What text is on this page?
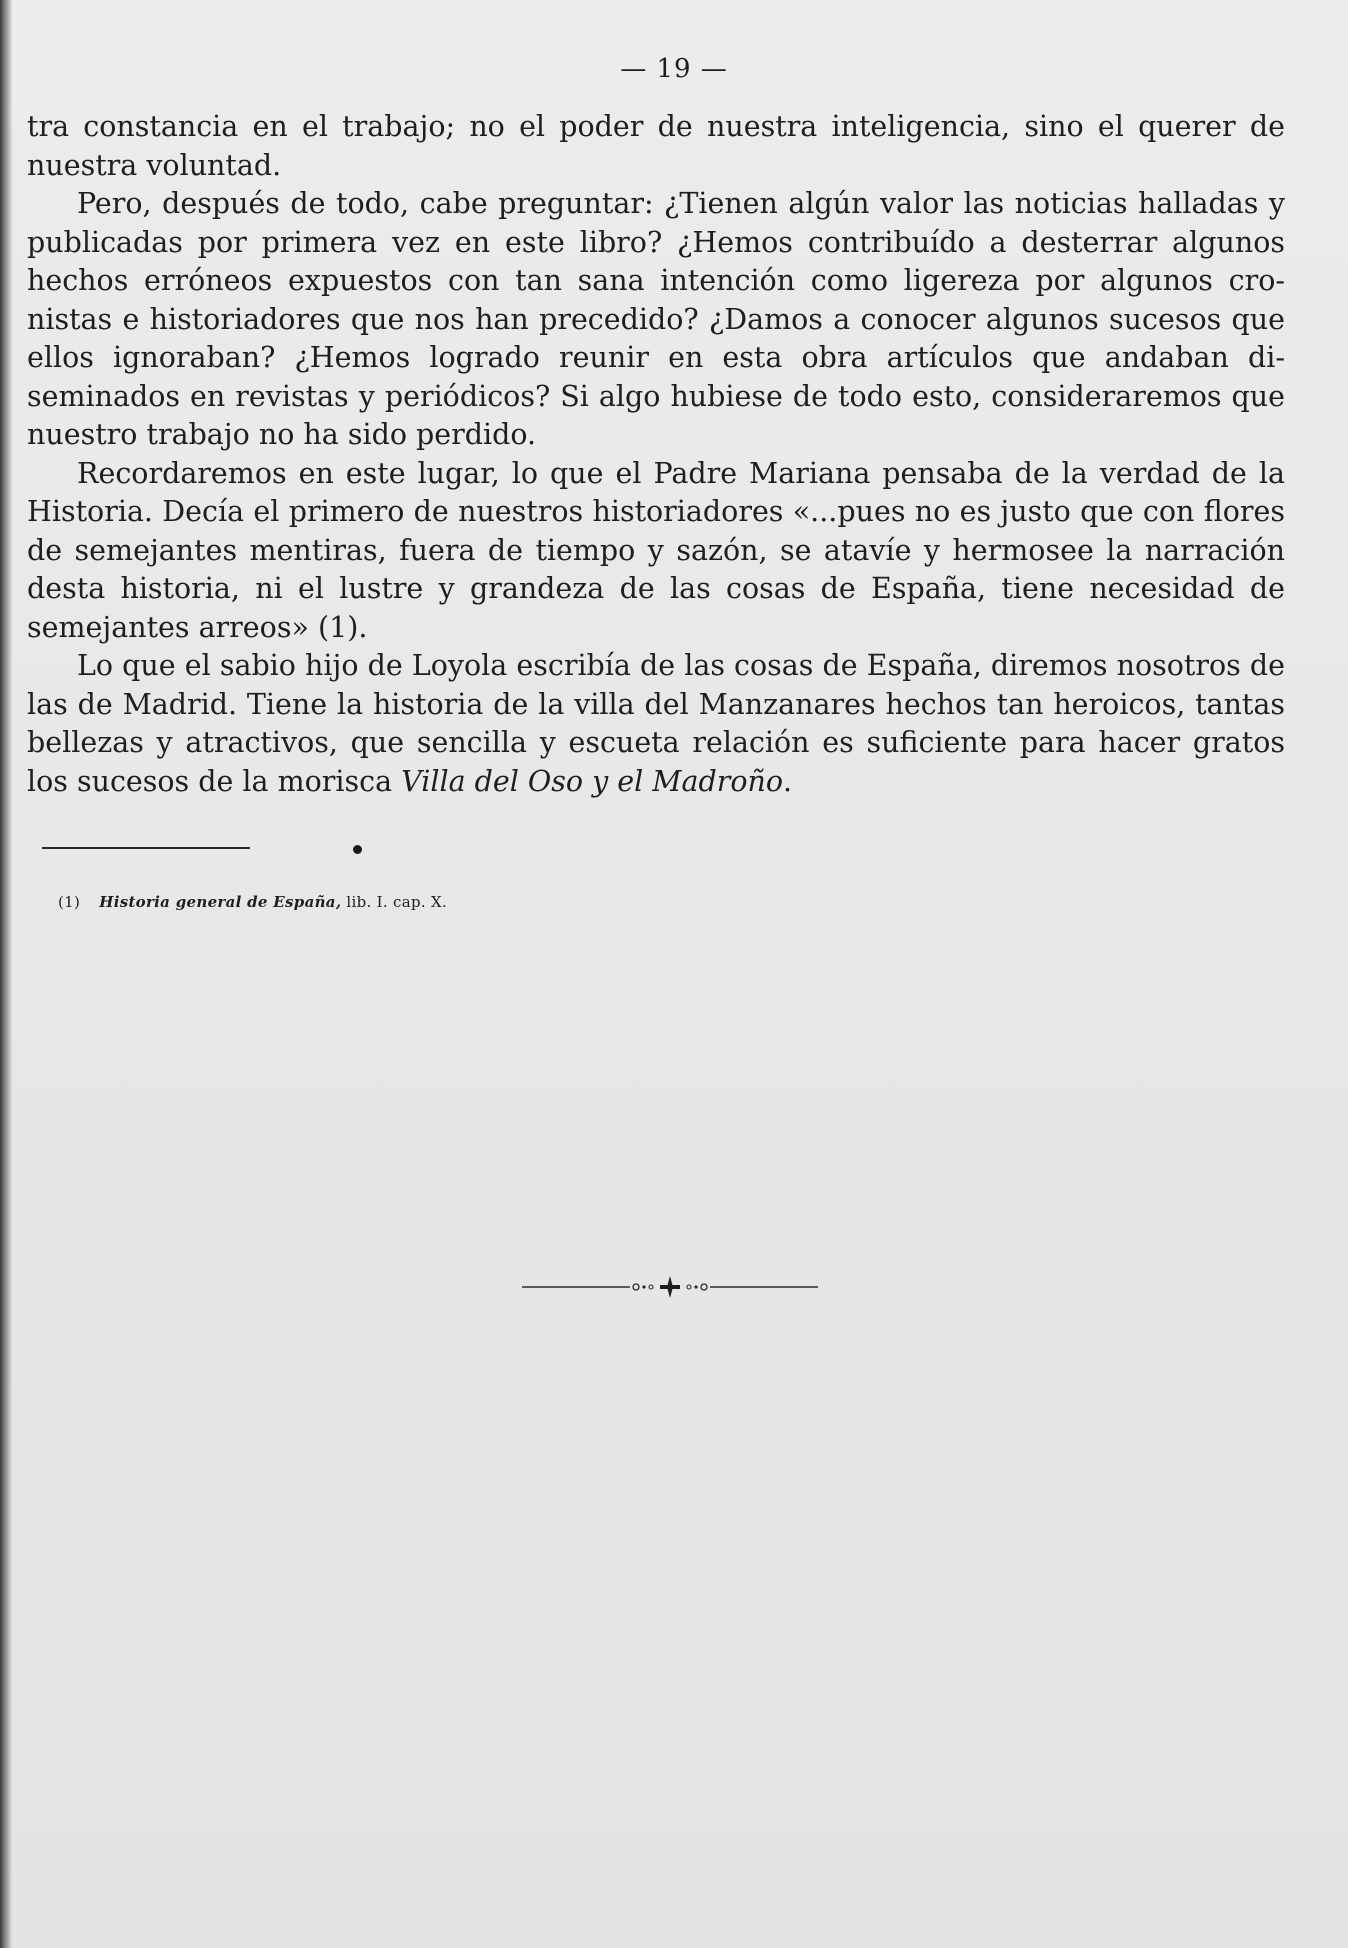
— 19 —

tra constancia en el trabajo; no el poder de nuestra inteligencia, sino el querer de nuestra voluntad.

Pero, después de todo, cabe preguntar: ¿Tienen algún valor las noticias halladas y publicadas por primera vez en este libro? ¿Hemos contribuído a desterrar algunos hechos erróneos expuestos con tan sana intención como ligereza por algunos cronistas e historiadores que nos han precedido? ¿Damos a conocer algunos sucesos que ellos ignoraban? ¿Hemos logrado reunir en esta obra artículos que andaban diseminados en revistas y periódicos? Si algo hubiese de todo esto, consideraremos que nuestro trabajo no ha sido perdido.

Recordaremos en este lugar, lo que el Padre Mariana pensaba de la verdad de la Historia. Decía el primero de nuestros historiadores «...pues no es justo que con flores de semejantes mentiras, fuera de tiempo y sazón, se atavíe y hermosee la narración desta historia, ni el lustre y grandeza de las cosas de España, tiene necesidad de semejantes arreos» (1).

Lo que el sabio hijo de Loyola escribía de las cosas de España, diremos nosotros de las de Madrid. Tiene la historia de la villa del Manzanares hechos tan heroicos, tantas bellezas y atractivos, que sencilla y escueta relación es suficiente para hacer gratos los sucesos de la morisca Villa del Oso y el Madroño.

(1) Historia general de España, lib. I. cap. X.
